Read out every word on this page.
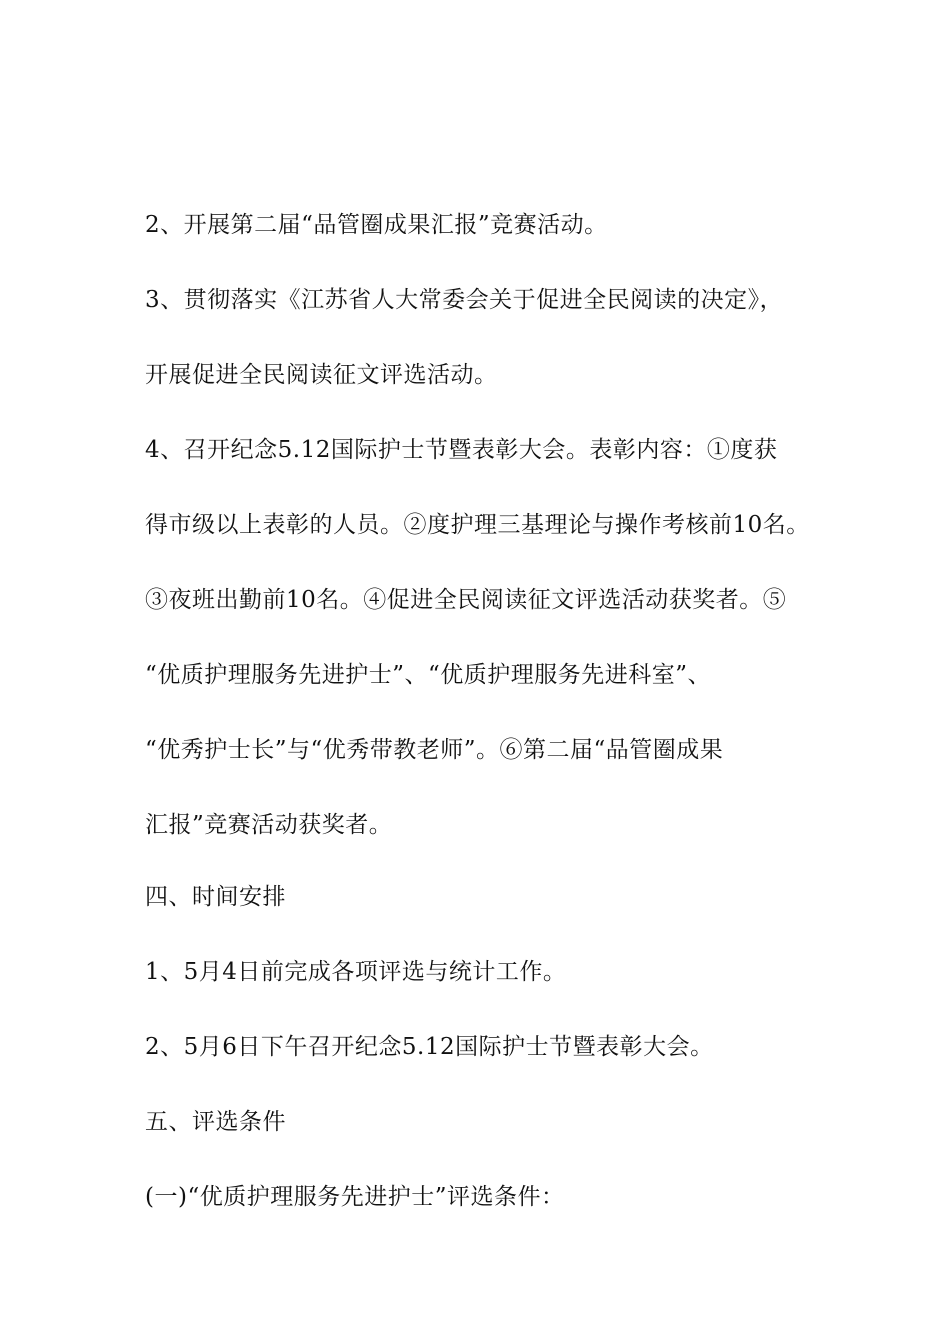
2、开展第二届“品管圈成果汇报”竞赛活动。
3、贯彻落实《江苏省人大常委会关于促进全民阅读的决定》，
开展促进全民阅读征文评选活动。
4、召开纪念5.12国际护士节暨表彰大会。表彰内容：①度获
得市级以上表彰的人员。②度护理三基理论与操作考核前10名。
③夜班出勤前10名。④促进全民阅读征文评选活动获奖者。⑤
“优质护理服务先进护士”、“优质护理服务先进科室”、
“优秀护士长”与“优秀带教老师”。⑥第二届“品管圈成果
汇报”竞赛活动获奖者。
四、时间安排
1、5月4日前完成各项评选与统计工作。
2、5月6日下午召开纪念5.12国际护士节暨表彰大会。
五、评选条件
(一)“优质护理服务先进护士”评选条件：
